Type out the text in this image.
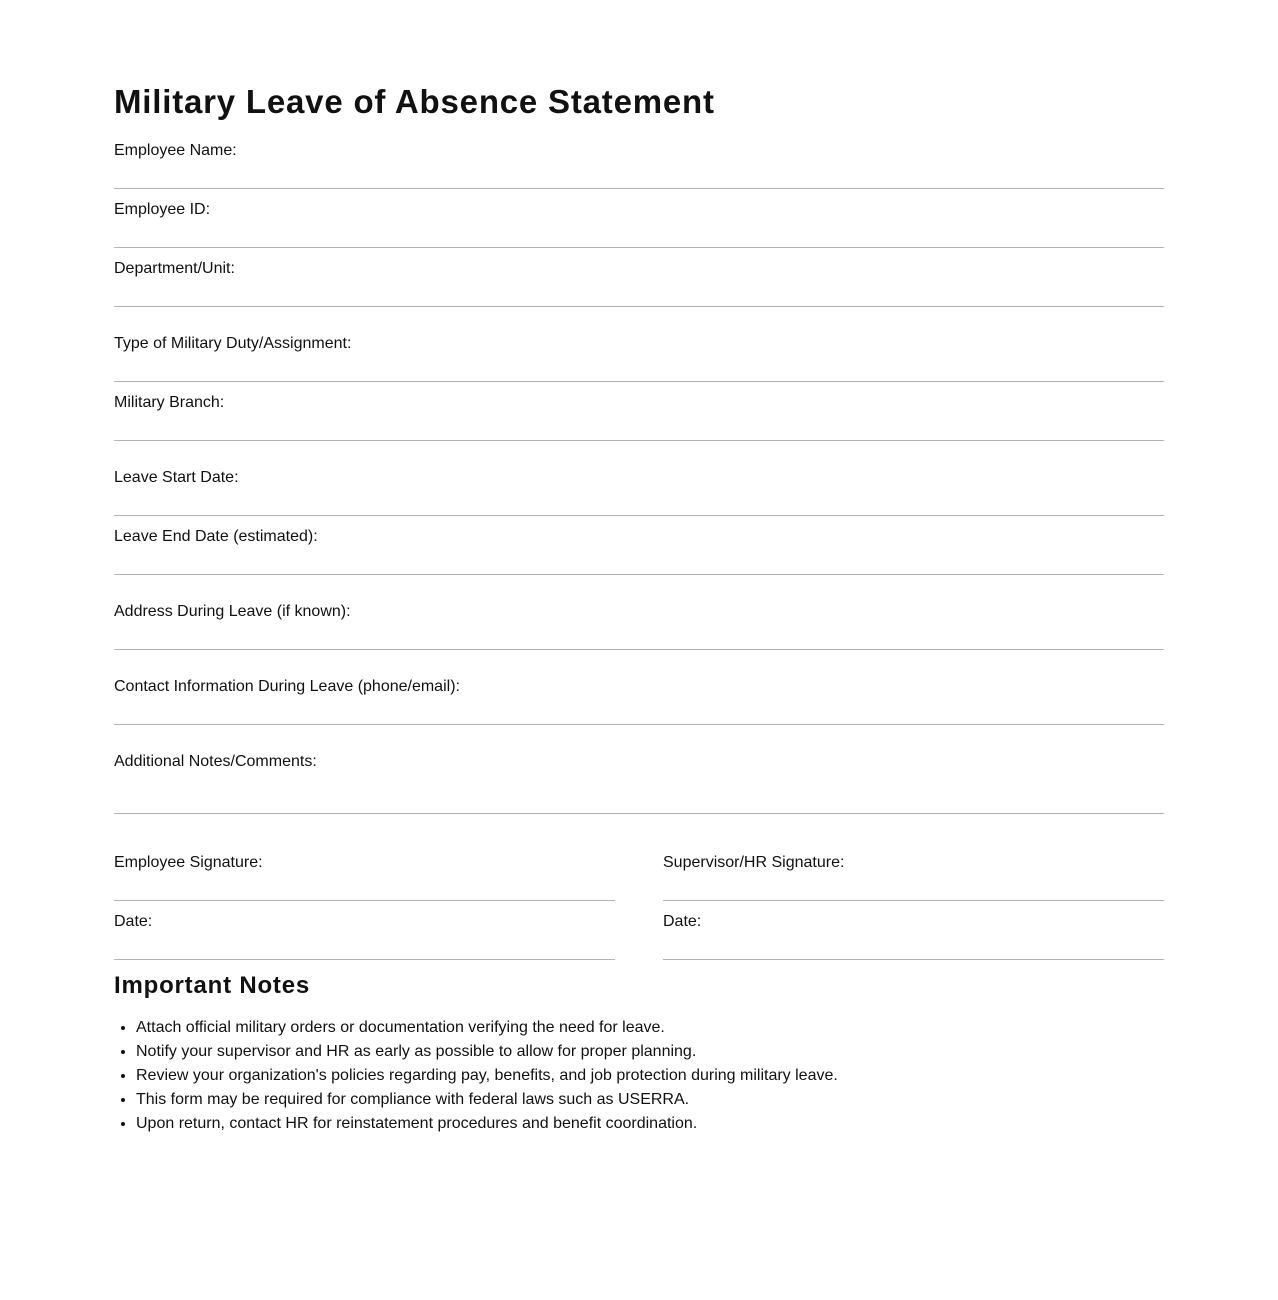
Military Leave of Absence Statement
Employee Name:
Employee ID:
Department/Unit:
Type of Military Duty/Assignment:
Military Branch:
Leave Start Date:
Leave End Date (estimated):
Address During Leave (if known):
Contact Information During Leave (phone/email):
Additional Notes/Comments:
Employee Signature:	Supervisor/HR Signature:
Date:	Date:
Important Notes
• Attach official military orders or documentation verifying the need for leave.
• Notify your supervisor and HR as early as possible to allow for proper planning.
• Review your organization's policies regarding pay, benefits, and job protection during military leave.
• This form may be required for compliance with federal laws such as USERRA.
• Upon return, contact HR for reinstatement procedures and benefit coordination.
